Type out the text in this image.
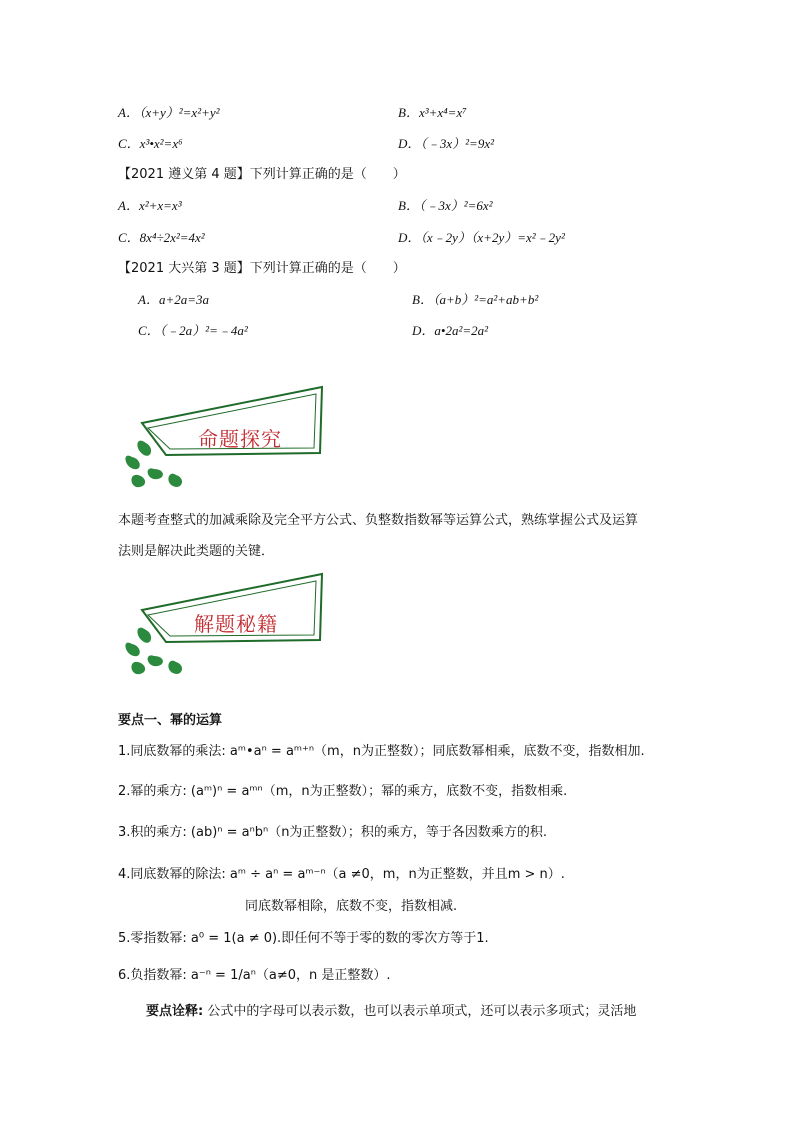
A．（x+y）²=x²+y²	B．x³+x⁴=x⁷
C．x³•x²=x⁶	D．（﹣3x）²=9x²
【2021 遵义第 4 题】下列计算正确的是（　　）
A．x²+x=x³	B．（﹣3x）²=6x²
C．8x⁴÷2x²=4x²	D．（x﹣2y）（x+2y）=x²﹣2y²
【2021 大兴第 3 题】下列计算正确的是（　　）
A．a+2a=3a	B．（a+b）²=a²+ab+b²
C．（﹣2a）²=﹣4a²	D．a•2a²=2a²
命题探究
本题考查整式的加减乘除及完全平方公式、负整数指数幂等运算公式，熟练掌握公式及运算
法则是解决此类题的关键．
解题秘籍
要点一、幂的运算
1.同底数幂的乘法: aᵐ•aⁿ = aᵐ⁺ⁿ（m，n为正整数）；同底数幂相乘，底数不变，指数相加.
2.幂的乘方: (aᵐ)ⁿ = aᵐⁿ（m，n为正整数）；幂的乘方，底数不变，指数相乘.
3.积的乘方: (ab)ⁿ = aⁿbⁿ（n为正整数）；积的乘方，等于各因数乘方的积.
4.同底数幂的除法: aᵐ ÷ aⁿ = aᵐ⁻ⁿ（a ≠0，m，n为正整数，并且m > n）.
同底数幂相除，底数不变，指数相减.
5.零指数幂: a⁰ = 1(a ≠ 0).即任何不等于零的数的零次方等于1.
6.负指数幂: a⁻ⁿ = 1/aⁿ（a≠0，n 是正整数）.
要点诠释: 公式中的字母可以表示数，也可以表示单项式，还可以表示多项式；灵活地
